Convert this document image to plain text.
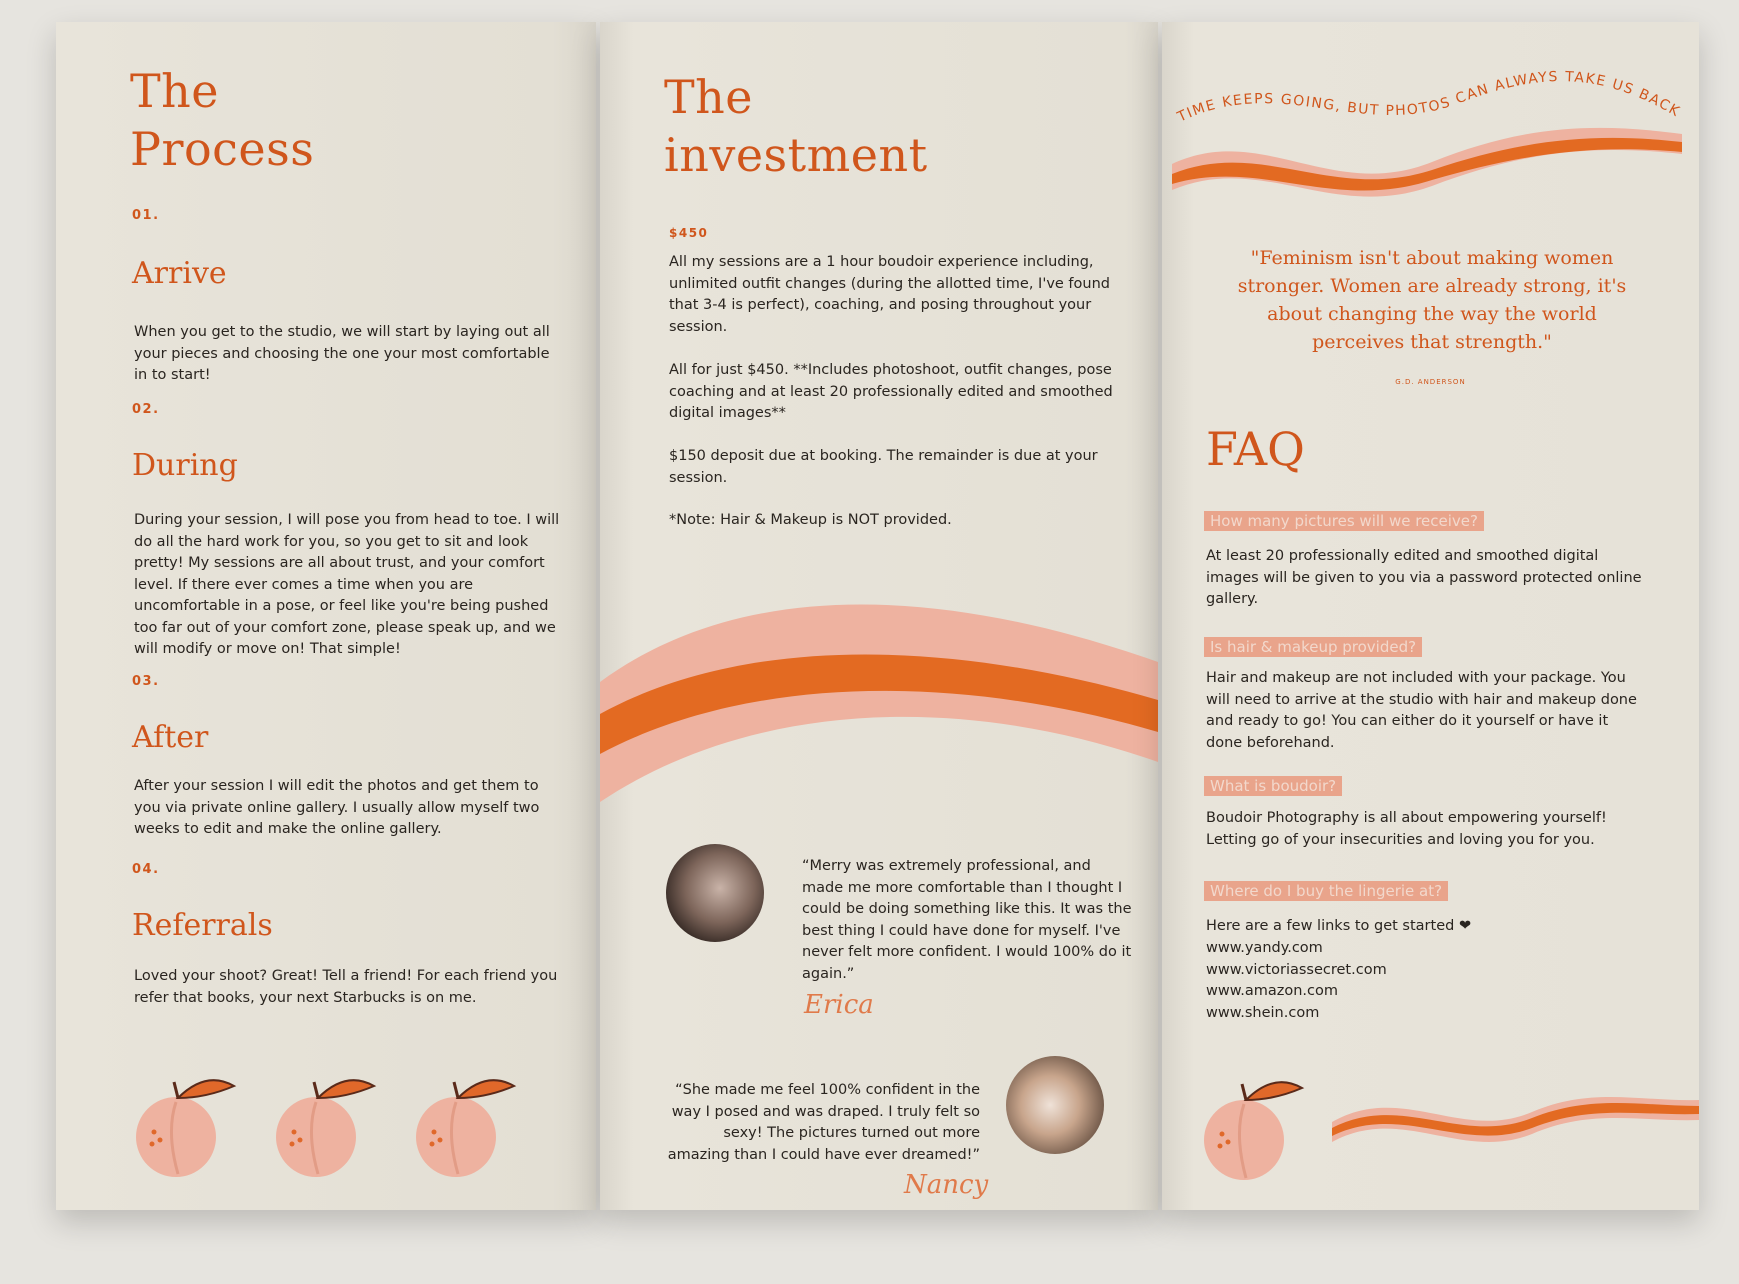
The
Process
01.
Arrive
When you get to the studio, we will start by laying out all your pieces and choosing the one your most comfortable in to start!
02.
During
During your session, I will pose you from head to toe. I will do all the hard work for you, so you get to sit and look pretty! My sessions are all about trust, and your comfort level. If there ever comes a time when you are uncomfortable in a pose, or feel like you're being pushed too far out of your comfort zone, please speak up, and we will modify or move on! That simple!
03.
After
After your session I will edit the photos and get them to you via private online gallery. I usually allow myself two weeks to edit and make the online gallery.
04.
Referrals
Loved your shoot? Great! Tell a friend! For each friend you refer that books, your next Starbucks is on me.
The
investment
$450
All my sessions are a 1 hour boudoir experience including, unlimited outfit changes (during the allotted time, I've found that 3-4 is perfect), coaching, and posing throughout your session.
All for just $450. **Includes photoshoot, outfit changes, pose coaching and at least 20 professionally edited and smoothed digital images**
$150 deposit due at booking. The remainder is due at your session.
*Note: Hair & Makeup is NOT provided.
“Merry was extremely professional, and made me more comfortable than I thought I could be doing something like this. It was the best thing I could have done for myself. I've never felt more confident. I would 100% do it again.”
Erica
“She made me feel 100% confident in the way I posed and was draped. I truly felt so sexy! The pictures turned out more amazing than I could have ever dreamed!”
Nancy
TIME KEEPS GOING, BUT PHOTOS CAN ALWAYS TAKE US BACK
"Feminism isn't about making women stronger. Women are already strong, it's about changing the way the world perceives that strength."
G.D. ANDERSON
FAQ
How many pictures will we receive?
At least 20 professionally edited and smoothed digital images will be given to you via a password protected online gallery.
Is hair & makeup provided?
Hair and makeup are not included with your package. You will need to arrive at the studio with hair and makeup done and ready to go! You can either do it yourself or have it done beforehand.
What is boudoir?
Boudoir Photography is all about empowering yourself! Letting go of your insecurities and loving you for you.
Where do I buy the lingerie at?
Here are a few links to get started ❤
www.yandy.com
www.victoriassecret.com
www.amazon.com
www.shein.com
